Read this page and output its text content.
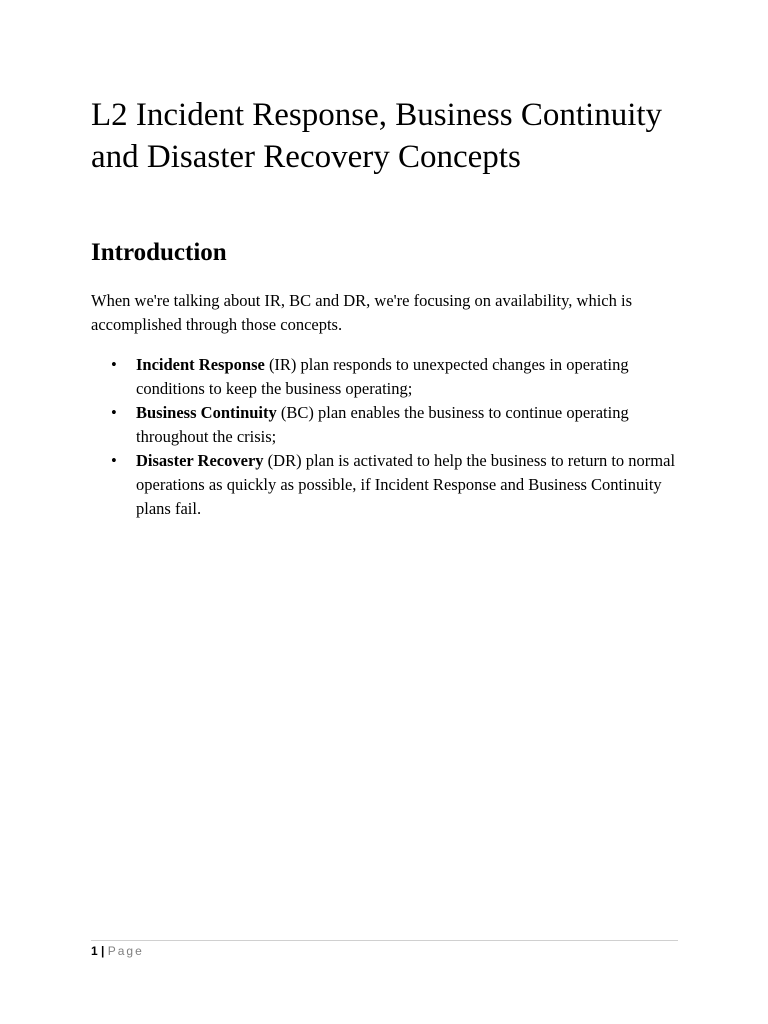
L2 Incident Response, Business Continuity and Disaster Recovery Concepts
Introduction

When we're talking about IR, BC and DR, we're focusing on availability, which is accomplished through those concepts.

• Incident Response (IR) plan responds to unexpected changes in operating conditions to keep the business operating;
• Business Continuity (BC) plan enables the business to continue operating throughout the crisis;
• Disaster Recovery (DR) plan is activated to help the business to return to normal operations as quickly as possible, if Incident Response and Business Continuity plans fail.
1 | Page
